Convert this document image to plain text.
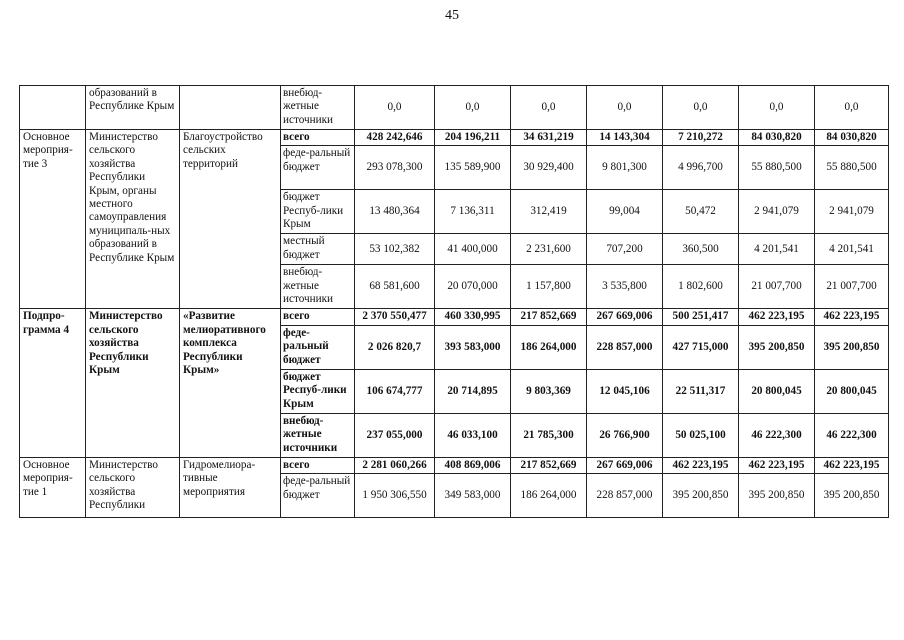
45
	образований в Республике Крым		внебюд-жетные источники	0,0	0,0	0,0	0,0	0,0	0,0	0,0
Основное мероприя-тие 3	Министерство сельского хозяйства Республики Крым, органы местного самоуправления муниципаль-ных образований в Республике Крым	Благоустройство сельских территорий	всего	428 242,646	204 196,211	34 631,219	14 143,304	7 210,272	84 030,820	84 030,820
			феде-ральный бюджет	293 078,300	135 589,900	30 929,400	9 801,300	4 996,700	55 880,500	55 880,500
			бюджет Респуб-лики Крым	13 480,364	7 136,311	312,419	99,004	50,472	2 941,079	2 941,079
			местный бюджет	53 102,382	41 400,000	2 231,600	707,200	360,500	4 201,541	4 201,541
			внебюд-жетные источники	68 581,600	20 070,000	1 157,800	3 535,800	1 802,600	21 007,700	21 007,700
Подпро-грамма 4	Министерство сельского хозяйства Республики Крым	«Развитие мелиоративного комплекса Республики Крым»	всего	2 370 550,477	460 330,995	217 852,669	267 669,006	500 251,417	462 223,195	462 223,195
			феде-ральный бюджет	2 026 820,7	393 583,000	186 264,000	228 857,000	427 715,000	395 200,850	395 200,850
			бюджет Респуб-лики Крым	106 674,777	20 714,895	9 803,369	12 045,106	22 511,317	20 800,045	20 800,045
			внебюд-жетные источники	237 055,000	46 033,100	21 785,300	26 766,900	50 025,100	46 222,300	46 222,300
Основное мероприя-тие 1	Министерство сельского хозяйства Республики	Гидромелиора-тивные мероприятия	всего	2 281 060,266	408 869,006	217 852,669	267 669,006	462 223,195	462 223,195	462 223,195
			феде-ральный бюджет	1 950 306,550	349 583,000	186 264,000	228 857,000	395 200,850	395 200,850	395 200,850
